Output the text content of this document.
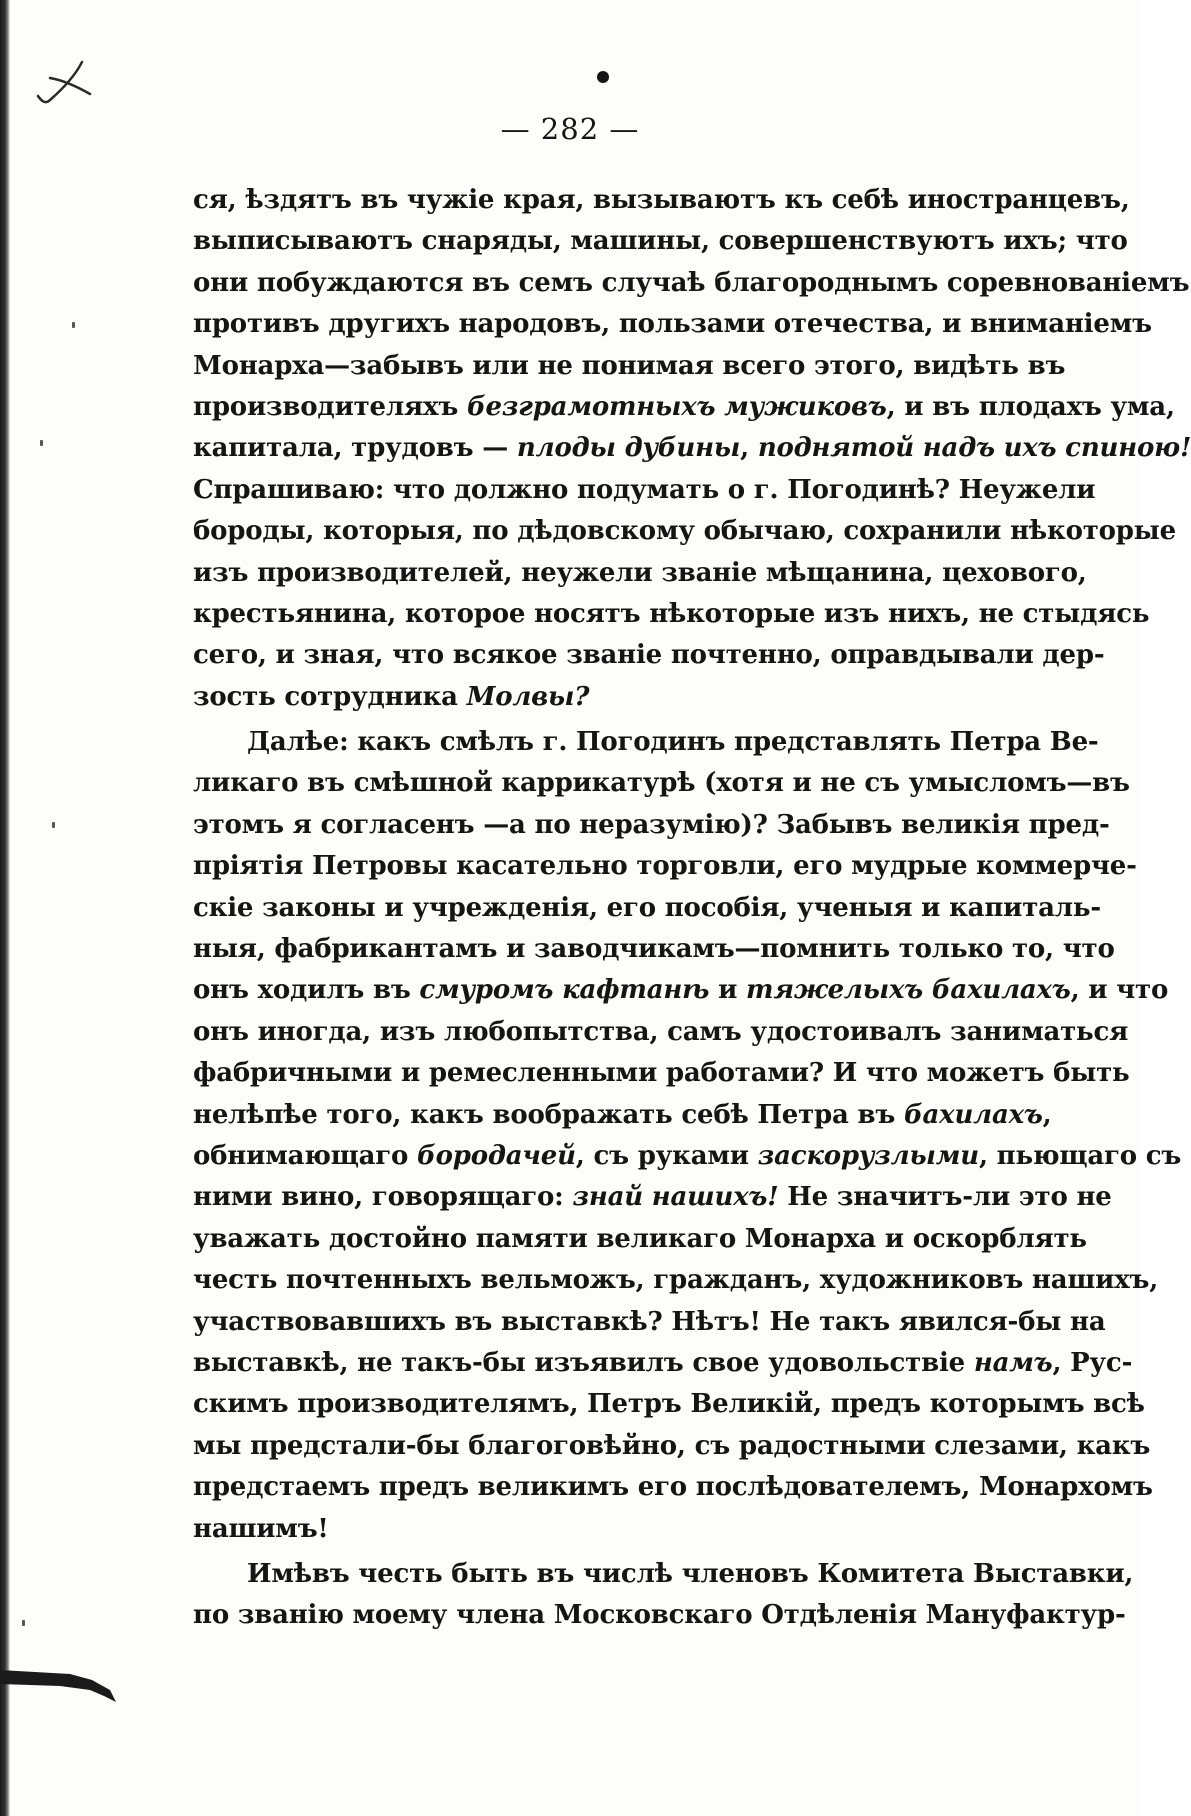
X
— 282 —
ся, ѣздятъ въ чужіе края, вызываютъ къ себѣ иностранцевъ,
выписываютъ снаряды, машины, совершенствуютъ ихъ; что
они побуждаются въ семъ случаѣ благороднымъ соревнованіемъ
противъ другихъ народовъ, пользами отечества, и вниманіемъ
Монарха—забывъ или не понимая всего этого, видѣть въ
производителяхъ безграмотныхъ мужиковъ, и въ плодахъ ума,
капитала, трудовъ — плоды дубины, поднятой надъ ихъ спиною!
Спрашиваю: что должно подумать о г. Погодинѣ? Неужели
бороды, которыя, по дѣдовскому обычаю, сохранили нѣкоторые
изъ производителей, неужели званіе мѣщанина, цехового,
крестьянина, которое носятъ нѣкоторые изъ нихъ, не стыдясь
сего, и зная, что всякое званіе почтенно, оправдывали дер-
зость сотрудника Молвы?
Далѣе: какъ смѣлъ г. Погодинъ представлять Петра Ве-
ликаго въ смѣшной каррикатурѣ (хотя и не съ умысломъ—въ
этомъ я согласенъ —а по неразумію)? Забывъ великія пред-
пріятія Петровы касательно торговли, его мудрые коммерче-
скіе законы и учрежденія, его пособія, ученыя и капиталь-
ныя, фабрикантамъ и заводчикамъ—помнить только то, что
онъ ходилъ въ смуромъ кафтанѣ и тяжелыхъ бахилахъ, и что
онъ иногда, изъ любопытства, самъ удостоивалъ заниматься
фабричными и ремесленными работами? И что можетъ быть
нелѣпѣе того, какъ воображать себѣ Петра въ бахилахъ,
обнимающаго бородачей, съ руками заскорузлыми, пьющаго съ
ними вино, говорящаго: знай нашихъ! Не значитъ-ли это не
уважать достойно памяти великаго Монарха и оскорблять
честь почтенныхъ вельможъ, гражданъ, художниковъ нашихъ,
участвовавшихъ въ выставкѣ? Нѣтъ! Не такъ явился-бы на
выставкѣ, не такъ-бы изъявилъ свое удовольствіе намъ, Рус-
скимъ производителямъ, Петръ Великій, предъ которымъ всѣ
мы предстали-бы благоговѣйно, съ радостными слезами, какъ
предстаемъ предъ великимъ его послѣдователемъ, Монархомъ
нашимъ!
Имѣвъ честь быть въ числѣ членовъ Комитета Выставки,
по званію моему члена Московскаго Отдѣленія Мануфактур-
